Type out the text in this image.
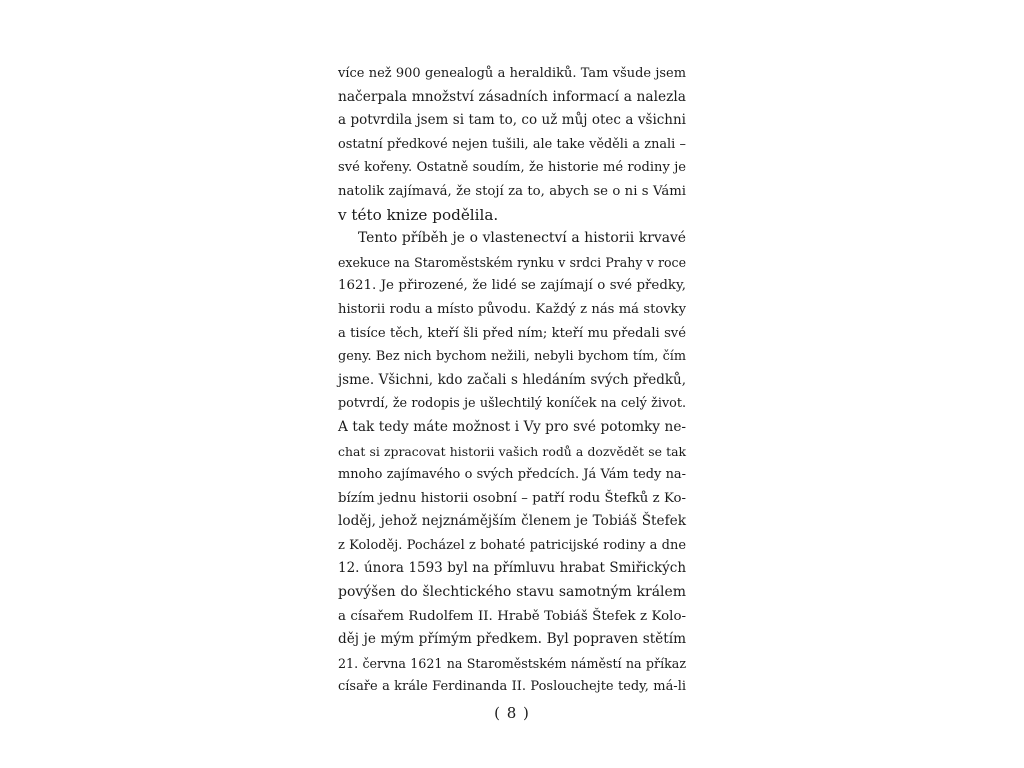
více než 900 genealogů a heraldiků. Tam všude jsem
načerpala množství zásadních informací a nalezla
a potvrdila jsem si tam to, co už můj otec a všichni
ostatní předkové nejen tušili, ale take věděli a znali –
své kořeny. Ostatně soudím, že historie mé rodiny je
natolik zajímavá, že stojí za to, abych se o ni s Vámi
v této knize podělila.
Tento příběh je o vlastenectví a historii krvavé
exekuce na Staroměstském rynku v srdci Prahy v roce
1621. Je přirozené, že lidé se zajímají o své předky,
historii rodu a místo původu. Každý z nás má stovky
a tisíce těch, kteří šli před ním; kteří mu předali své
geny. Bez nich bychom nežili, nebyli bychom tím, čím
jsme. Všichni, kdo začali s hledáním svých předků,
potvrdí, že rodopis je ušlechtilý koníček na celý život.
A tak tedy máte možnost i Vy pro své potomky ne-
chat si zpracovat historii vašich rodů a dozvědět se tak
mnoho zajímavého o svých předcích. Já Vám tedy na-
bízím jednu historii osobní – patří rodu Štefků z Ko-
loděj, jehož nejznámějším členem je Tobiáš Štefek
z Koloděj. Pocházel z bohaté patricijské rodiny a dne
12. února 1593 byl na přímluvu hrabat Smiřických
povýšen do šlechtického stavu samotným králem
a císařem Rudolfem II. Hrabě Tobiáš Štefek z Kolo-
děj je mým přímým předkem. Byl popraven stětím
21. června 1621 na Staroměstském náměstí na příkaz
císaře a krále Ferdinanda II. Poslouchejte tedy, má-li
( 8 )
